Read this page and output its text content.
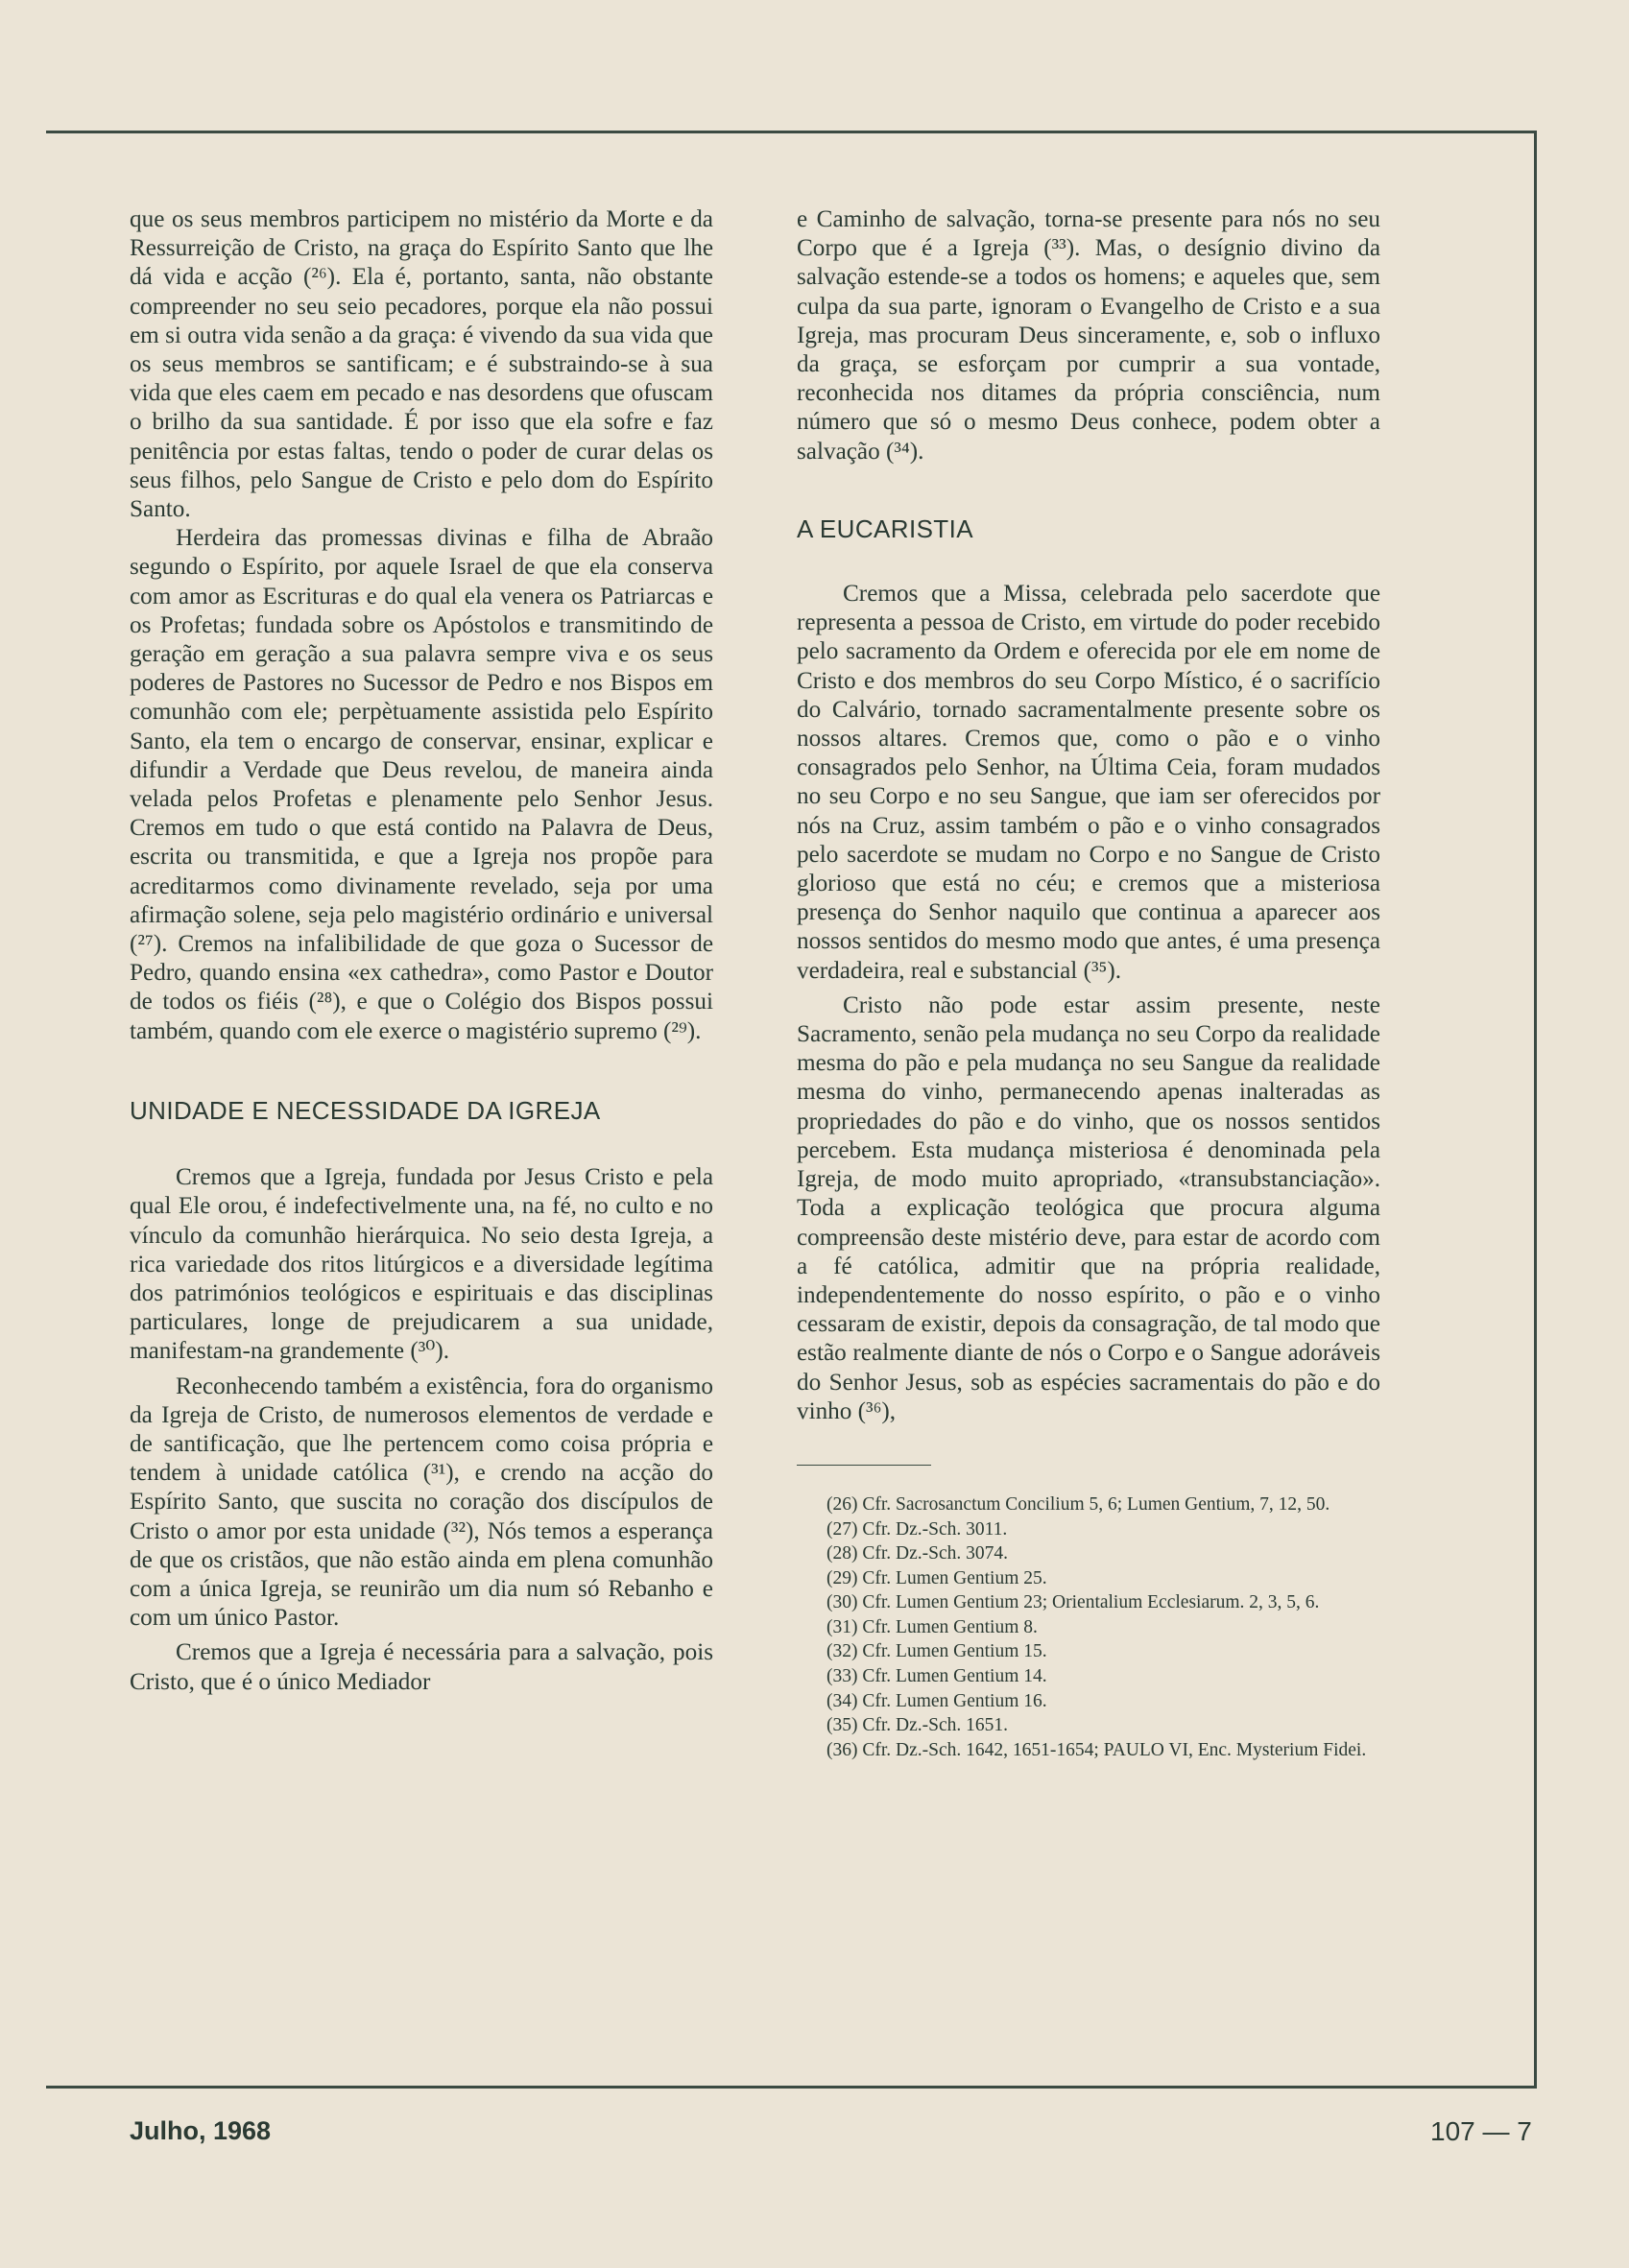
que os seus membros participem no mistério da Morte e da Ressurreição de Cristo, na graça do Espírito Santo que lhe dá vida e acção (²⁶). Ela é, portanto, santa, não obstante compreender no seu seio pecadores, porque ela não possui em si outra vida senão a da graça: é vivendo da sua vida que os seus membros se santificam; e é substraindo-se à sua vida que eles caem em pecado e nas desordens que ofuscam o brilho da sua santidade. É por isso que ela sofre e faz penitência por estas faltas, tendo o poder de curar delas os seus filhos, pelo Sangue de Cristo e pelo dom do Espírito Santo.

Herdeira das promessas divinas e filha de Abraão segundo o Espírito, por aquele Israel de que ela conserva com amor as Escrituras e do qual ela venera os Patriarcas e os Profetas; fundada sobre os Apóstolos e transmitindo de geração em geração a sua palavra sempre viva e os seus poderes de Pastores no Sucessor de Pedro e nos Bispos em comunhão com ele; perpètuamente assistida pelo Espírito Santo, ela tem o encargo de conservar, ensinar, explicar e difundir a Verdade que Deus revelou, de maneira ainda velada pelos Profetas e plenamente pelo Senhor Jesus. Cremos em tudo o que está contido na Palavra de Deus, escrita ou transmitida, e que a Igreja nos propõe para acreditarmos como divinamente revelado, seja por uma afirmação solene, seja pelo magistério ordinário e universal (²⁷). Cremos na infalibilidade de que goza o Sucessor de Pedro, quando ensina «ex cathedra», como Pastor e Doutor de todos os fiéis (²⁸), e que o Colégio dos Bispos possui também, quando com ele exerce o magistério supremo (²⁹).

UNIDADE E NECESSIDADE DA IGREJA

Cremos que a Igreja, fundada por Jesus Cristo e pela qual Ele orou, é indefectivelmente una, na fé, no culto e no vínculo da comunhão hierárquica. No seio desta Igreja, a rica variedade dos ritos litúrgicos e a diversidade legítima dos patrimónios teológicos e espirituais e das disciplinas particulares, longe de prejudicarem a sua unidade, manifestam-na grandemente (³⁰).

Reconhecendo também a existência, fora do organismo da Igreja de Cristo, de numerosos elementos de verdade e de santificação, que lhe pertencem como coisa própria e tendem à unidade católica (³¹), e crendo na acção do Espírito Santo, que suscita no coração dos discípulos de Cristo o amor por esta unidade (³²), Nós temos a esperança de que os cristãos, que não estão ainda em plena comunhão com a única Igreja, se reunirão um dia num só Rebanho e com um único Pastor.

Cremos que a Igreja é necessária para a salvação, pois Cristo, que é o único Mediador

e Caminho de salvação, torna-se presente para nós no seu Corpo que é a Igreja (³³). Mas, o desígnio divino da salvação estende-se a todos os homens; e aqueles que, sem culpa da sua parte, ignoram o Evangelho de Cristo e a sua Igreja, mas procuram Deus sinceramente, e, sob o influxo da graça, se esforçam por cumprir a sua vontade, reconhecida nos ditames da própria consciência, num número que só o mesmo Deus conhece, podem obter a salvação (³⁴).

A EUCARISTIA

Cremos que a Missa, celebrada pelo sacerdote que representa a pessoa de Cristo, em virtude do poder recebido pelo sacramento da Ordem e oferecida por ele em nome de Cristo e dos membros do seu Corpo Místico, é o sacrifício do Calvário, tornado sacramentalmente presente sobre os nossos altares. Cremos que, como o pão e o vinho consagrados pelo Senhor, na Última Ceia, foram mudados no seu Corpo e no seu Sangue, que iam ser oferecidos por nós na Cruz, assim também o pão e o vinho consagrados pelo sacerdote se mudam no Corpo e no Sangue de Cristo glorioso que está no céu; e cremos que a misteriosa presença do Senhor naquilo que continua a aparecer aos nossos sentidos do mesmo modo que antes, é uma presença verdadeira, real e substancial (³⁵).

Cristo não pode estar assim presente, neste Sacramento, senão pela mudança no seu Corpo da realidade mesma do pão e pela mudança no seu Sangue da realidade mesma do vinho, permanecendo apenas inalteradas as propriedades do pão e do vinho, que os nossos sentidos percebem. Esta mudança misteriosa é denominada pela Igreja, de modo muito apropriado, «transubstanciação». Toda a explicação teológica que procura alguma compreensão deste mistério deve, para estar de acordo com a fé católica, admitir que na própria realidade, independentemente do nosso espírito, o pão e o vinho cessaram de existir, depois da consagração, de tal modo que estão realmente diante de nós o Corpo e o Sangue adoráveis do Senhor Jesus, sob as espécies sacramentais do pão e do vinho (³⁶),

(26) Cfr. Sacrosanctum Concilium 5, 6; Lumen Gentium, 7, 12, 50.
(27) Cfr. Dz.-Sch. 3011.
(28) Cfr. Dz.-Sch. 3074.
(29) Cfr. Lumen Gentium 25.
(30) Cfr. Lumen Gentium 23; Orientalium Ecclesiarum. 2, 3, 5, 6.
(31) Cfr. Lumen Gentium 8.
(32) Cfr. Lumen Gentium 15.
(33) Cfr. Lumen Gentium 14.
(34) Cfr. Lumen Gentium 16.
(35) Cfr. Dz.-Sch. 1651.
(36) Cfr. Dz.-Sch. 1642, 1651-1654; PAULO VI, Enc. Mysterium Fidei.
Julho, 1968	107 — 7
